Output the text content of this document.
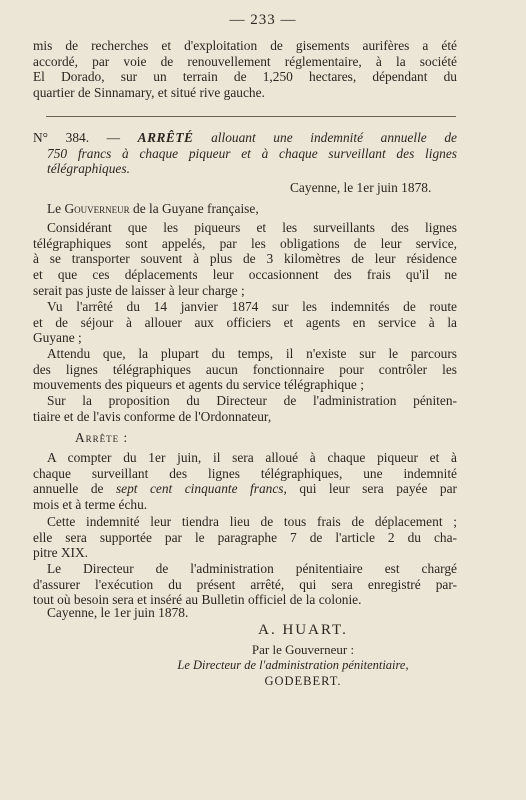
— 233 —
mis de recherches et d'exploitation de gisements aurifères a été
accordé, par voie de renouvellement réglementaire, à la société
El Dorado, sur un terrain de 1,250 hectares, dépendant du
quartier de Sinnamary, et situé rive gauche.
N° 384. — ARRÊTÉ allouant une indemnité annuelle de
750 francs à chaque piqueur et à chaque surveillant des lignes
télégraphiques.
Cayenne, le 1er juin 1878.
Le Gouverneur de la Guyane française,
Considérant que les piqueurs et les surveillants des lignes
télégraphiques sont appelés, par les obligations de leur service,
à se transporter souvent à plus de 3 kilomètres de leur résidence
et que ces déplacements leur occasionnent des frais qu'il ne
serait pas juste de laisser à leur charge ;
Vu l'arrêté du 14 janvier 1874 sur les indemnités de route
et de séjour à allouer aux officiers et agents en service à la
Guyane ;
Attendu que, la plupart du temps, il n'existe sur le parcours
des lignes télégraphiques aucun fonctionnaire pour contrôler les
mouvements des piqueurs et agents du service télégraphique ;
Sur la proposition du Directeur de l'administration péniten-
tiaire et de l'avis conforme de l'Ordonnateur,
Arrête :
A compter du 1er juin, il sera alloué à chaque piqueur et à
chaque surveillant des lignes télégraphiques, une indemnité
annuelle de sept cent cinquante francs, qui leur sera payée par
mois et à terme échu.
Cette indemnité leur tiendra lieu de tous frais de déplacement ;
elle sera supportée par le paragraphe 7 de l'article 2 du cha-
pitre XIX.
Le Directeur de l'administration pénitentiaire est chargé
d'assurer l'exécution du présent arrêté, qui sera enregistré par-
tout où besoin sera et inséré au Bulletin officiel de la colonie.
Cayenne, le 1er juin 1878.
A. HUART.
Par le Gouverneur :
Le Directeur de l'administration pénitentiaire,
GODEBERT.
